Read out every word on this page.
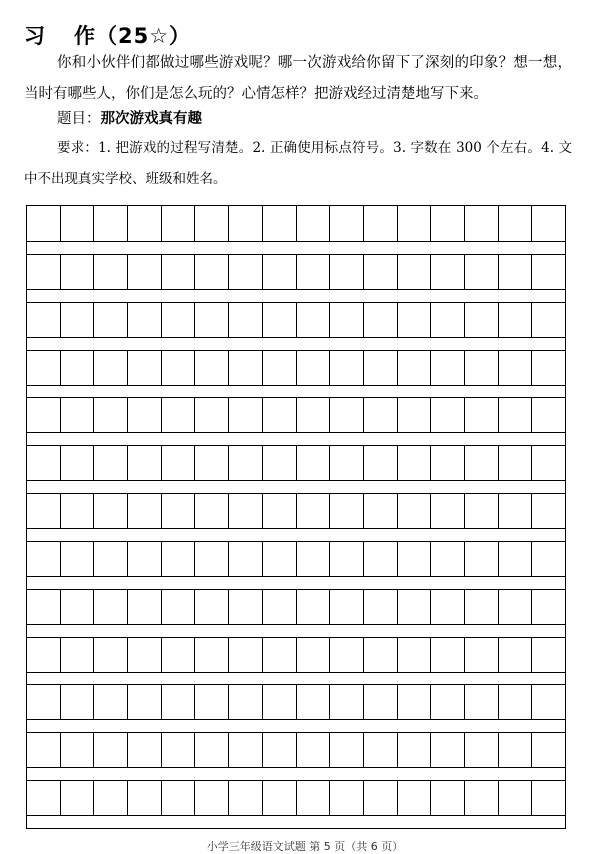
习 作（25☆）
你和小伙伴们都做过哪些游戏呢？哪一次游戏给你留下了深刻的印象？想一想，当时有哪些人，你们是怎么玩的？心情怎样？把游戏经过清楚地写下来。
题目：那次游戏真有趣
要求：1. 把游戏的过程写清楚。2. 正确使用标点符号。3. 字数在 300 个左右。4. 文中不出现真实学校、班级和姓名。
小学三年级语文试题 第 5 页（共 6 页）
